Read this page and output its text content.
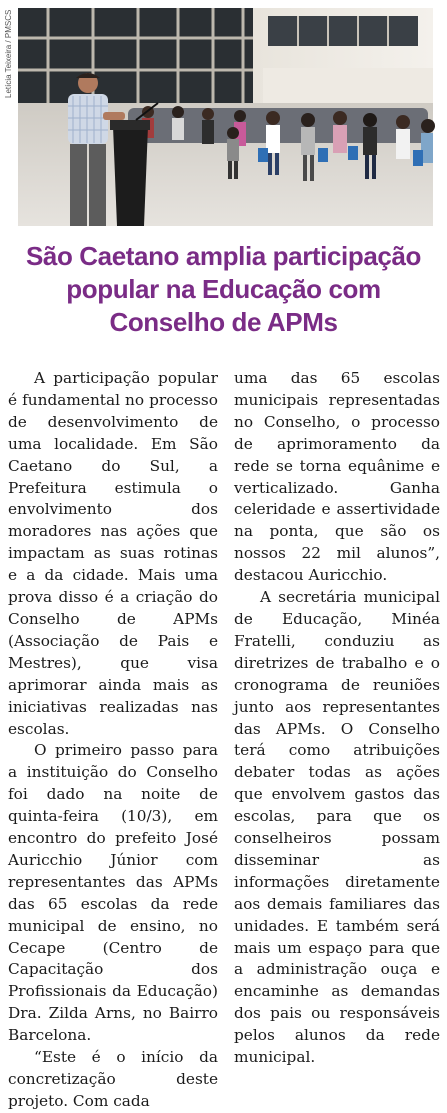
Letícia Teixeira / PMSCS
São Caetano amplia participação popular na Educação com Conselho de APMs

A participação popular é fundamental no processo de desenvolvimento de uma localidade. Em São Caetano do Sul, a Prefeitura estimula o envolvimento dos moradores nas ações que impactam as suas rotinas e a da cidade. Mais uma prova disso é a criação do Conselho de APMs (Associação de Pais e Mestres), que visa aprimorar ainda mais as iniciativas realizadas nas escolas.

O primeiro passo para a instituição do Conselho foi dado na noite de quinta-feira (10/3), em encontro do prefeito José Auricchio Júnior com representantes das APMs das 65 escolas da rede municipal de ensino, no Cecape (Centro de Capacitação dos Profissionais da Educação) Dra. Zilda Arns, no Bairro Barcelona.

“Este é o início da concretização deste projeto. Com cada

uma das 65 escolas municipais representadas no Conselho, o processo de aprimoramento da rede se torna equânime e verticalizado. Ganha celeridade e assertividade na ponta, que são os nossos 22 mil alunos”, destacou Auricchio.

A secretária municipal de Educação, Minéa Fratelli, conduziu as diretrizes de trabalho e o cronograma de reuniões junto aos representantes das APMs. O Conselho terá como atribuições debater todas as ações que envolvem gastos das escolas, para que os conselheiros possam disseminar as informações diretamente aos demais familiares das unidades. E também será mais um espaço para que a administração ouça e encaminhe as demandas dos pais ou responsáveis pelos alunos da rede municipal.
